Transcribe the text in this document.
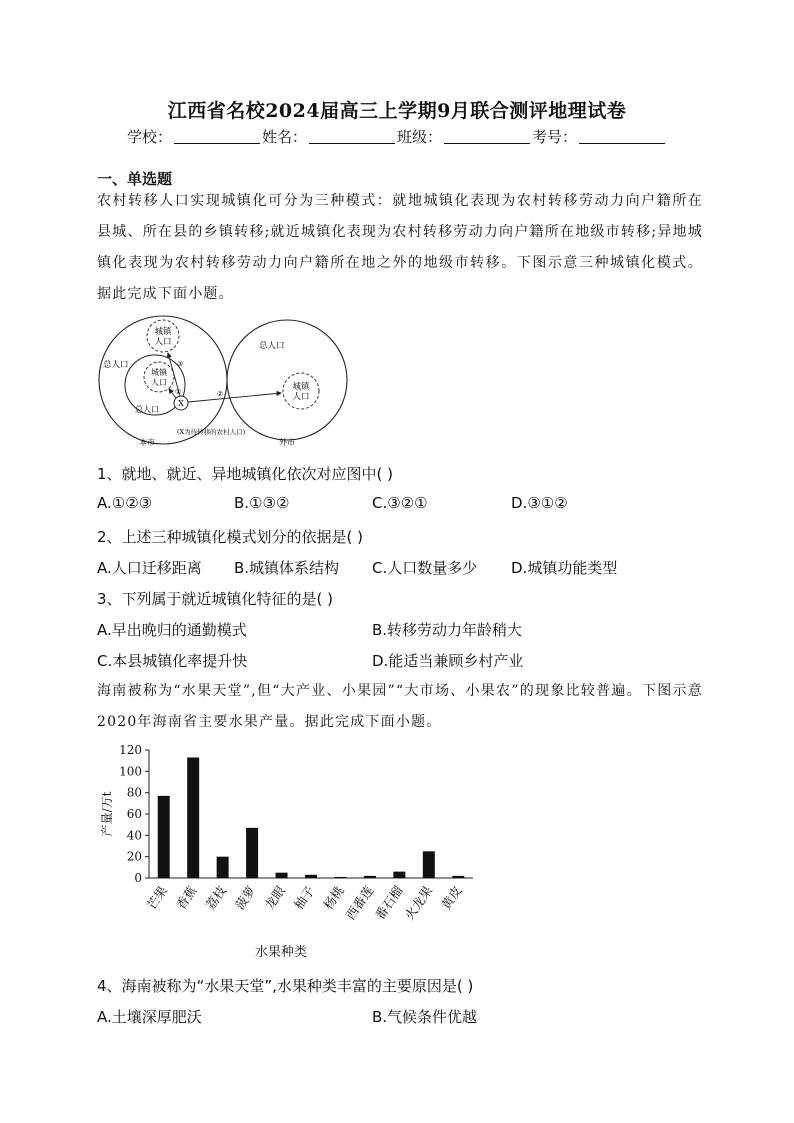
江西省名校2024届高三上学期9月联合测评地理试卷
学校：	姓名：	班级：	考号：
一、单选题
农村转移人口实现城镇化可分为三种模式：就地城镇化表现为农村转移劳动力向户籍所在县城、所在县的乡镇转移;就近城镇化表现为农村转移劳动力向户籍所在地级市转移;异地城镇化表现为农村转移劳动力向户籍所在地之外的地级市转移。下图示意三种城镇化模式。据此完成下面小题。
X
城镇
人口
城镇
人口	城镇
人口
总人口
总人口
总人口
③
①	②
(X为待转移的农村人口)
本市	外市
1、就地、就近、异地城镇化依次对应图中( )
A.①②③	B.①③②	C.③②①	D.③①②
2、上述三种城镇化模式划分的依据是( )
A.人口迁移距离 B.城镇体系结构 C.人口数量多少 D.城镇功能类型
3、下列属于就近城镇化特征的是( )
A.早出晚归的通勤模式	B.转移劳动力年龄稍大
C.本县城镇化率提升快	D.能适当兼顾乡村产业
海南被称为“水果天堂”,但“大产业、小果园”“大市场、小果农”的现象比较普遍。下图示意2020年海南省主要水果产量。据此完成下面小题。
0
20
40
60
80
100
120
产量/万t
芒果 香蕉 荔枝 菠萝 龙眼 柚子 杨桃
西番莲
番石榴
火龙果 黄皮
水果种类
4、海南被称为“水果天堂”,水果种类丰富的主要原因是( )
A.土壤深厚肥沃	B.气候条件优越
